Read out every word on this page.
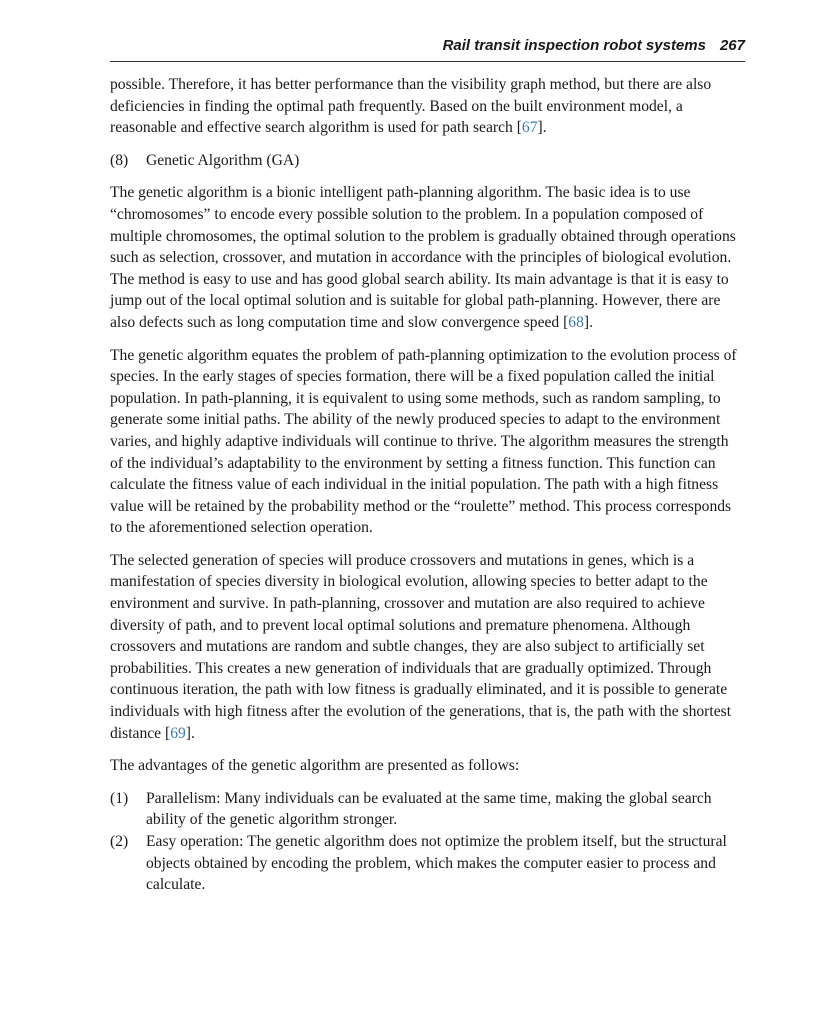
Rail transit inspection robot systems 267

possible. Therefore, it has better performance than the visibility graph method, but there are also deficiencies in finding the optimal path frequently. Based on the built environment model, a reasonable and effective search algorithm is used for path search [67].

(8)	Genetic Algorithm (GA)

The genetic algorithm is a bionic intelligent path-planning algorithm. The basic idea is to use “chromosomes” to encode every possible solution to the problem. In a population composed of multiple chromosomes, the optimal solution to the problem is gradually obtained through operations such as selection, crossover, and mutation in accordance with the principles of biological evolution. The method is easy to use and has good global search ability. Its main advantage is that it is easy to jump out of the local optimal solution and is suitable for global path-planning. However, there are also defects such as long computation time and slow convergence speed [68].

The genetic algorithm equates the problem of path-planning optimization to the evolution process of species. In the early stages of species formation, there will be a fixed population called the initial population. In path-planning, it is equivalent to using some methods, such as random sampling, to generate some initial paths. The ability of the newly produced species to adapt to the environment varies, and highly adaptive individuals will continue to thrive. The algorithm measures the strength of the individual’s adaptability to the environment by setting a fitness function. This function can calculate the fitness value of each individual in the initial population. The path with a high fitness value will be retained by the probability method or the “roulette” method. This process corresponds to the aforementioned selection operation.

The selected generation of species will produce crossovers and mutations in genes, which is a manifestation of species diversity in biological evolution, allowing species to better adapt to the environment and survive. In path-planning, crossover and mutation are also required to achieve diversity of path, and to prevent local optimal solutions and premature phenomena. Although crossovers and mutations are random and subtle changes, they are also subject to artificially set probabilities. This creates a new generation of individuals that are gradually optimized. Through continuous iteration, the path with low fitness is gradually eliminated, and it is possible to generate individuals with high fitness after the evolution of the generations, that is, the path with the shortest distance [69].

The advantages of the genetic algorithm are presented as follows:

(1)	Parallelism: Many individuals can be evaluated at the same time, making the global search ability of the genetic algorithm stronger.
(2)	Easy operation: The genetic algorithm does not optimize the problem itself, but the structural objects obtained by encoding the problem, which makes the computer easier to process and calculate.
